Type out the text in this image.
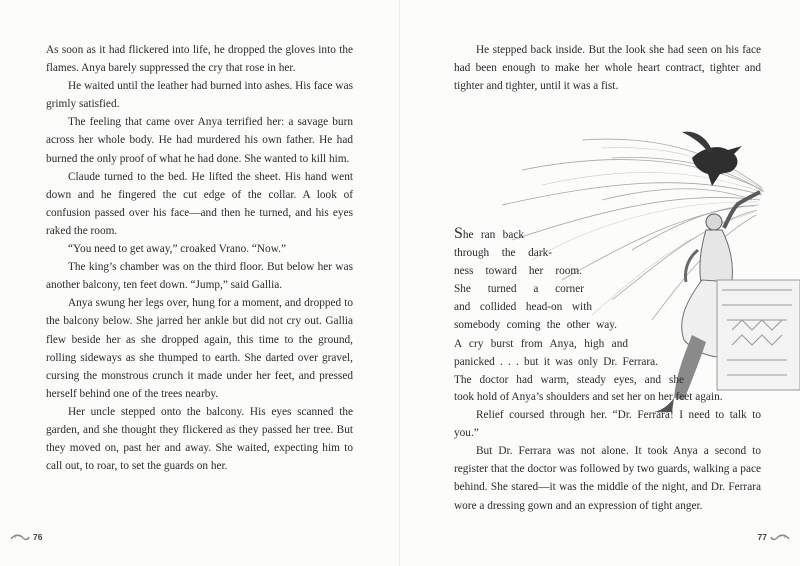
As soon as it had flickered into life, he dropped the gloves into the flames. Anya barely suppressed the cry that rose in her.

He waited until the leather had burned into ashes. His face was grimly satisfied.

The feeling that came over Anya terrified her: a savage burn across her whole body. He had murdered his own father. He had burned the only proof of what he had done. She wanted to kill him.

Claude turned to the bed. He lifted the sheet. His hand went down and he fingered the cut edge of the collar. A look of confusion passed over his face—and then he turned, and his eyes raked the room.

“You need to get away,” croaked Vrano. “Now.”

The king’s chamber was on the third floor. But below her was another balcony, ten feet down. “Jump,” said Gallia.

Anya swung her legs over, hung for a moment, and dropped to the balcony below. She jarred her ankle but did not cry out. Gallia flew beside her as she dropped again, this time to the ground, rolling sideways as she thumped to earth. She darted over gravel, cursing the monstrous crunch it made under her feet, and pressed herself behind one of the trees nearby.

Her uncle stepped onto the balcony. His eyes scanned the garden, and she thought they flickered as they passed her tree. But they moved on, past her and away. She waited, expecting him to call out, to roar, to set the guards on her.

76

He stepped back inside. But the look she had seen on his face had been enough to make her whole heart contract, tighter and tighter and tighter, until it was a fist.

She ran back
through the dark-
ness toward her room.
She turned a corner
and collided head-on with
somebody coming the other way.
A cry burst from Anya, high and
panicked . . . but it was only Dr. Ferrara.
The doctor had warm, steady eyes, and she

took hold of Anya’s shoulders and set her on her feet again.

Relief coursed through her. “Dr. Ferrara! I need to talk to you.”

But Dr. Ferrara was not alone. It took Anya a second to register that the doctor was followed by two guards, walking a pace behind. She stared—it was the middle of the night, and Dr. Ferrara wore a dressing gown and an expression of tight anger.

77
